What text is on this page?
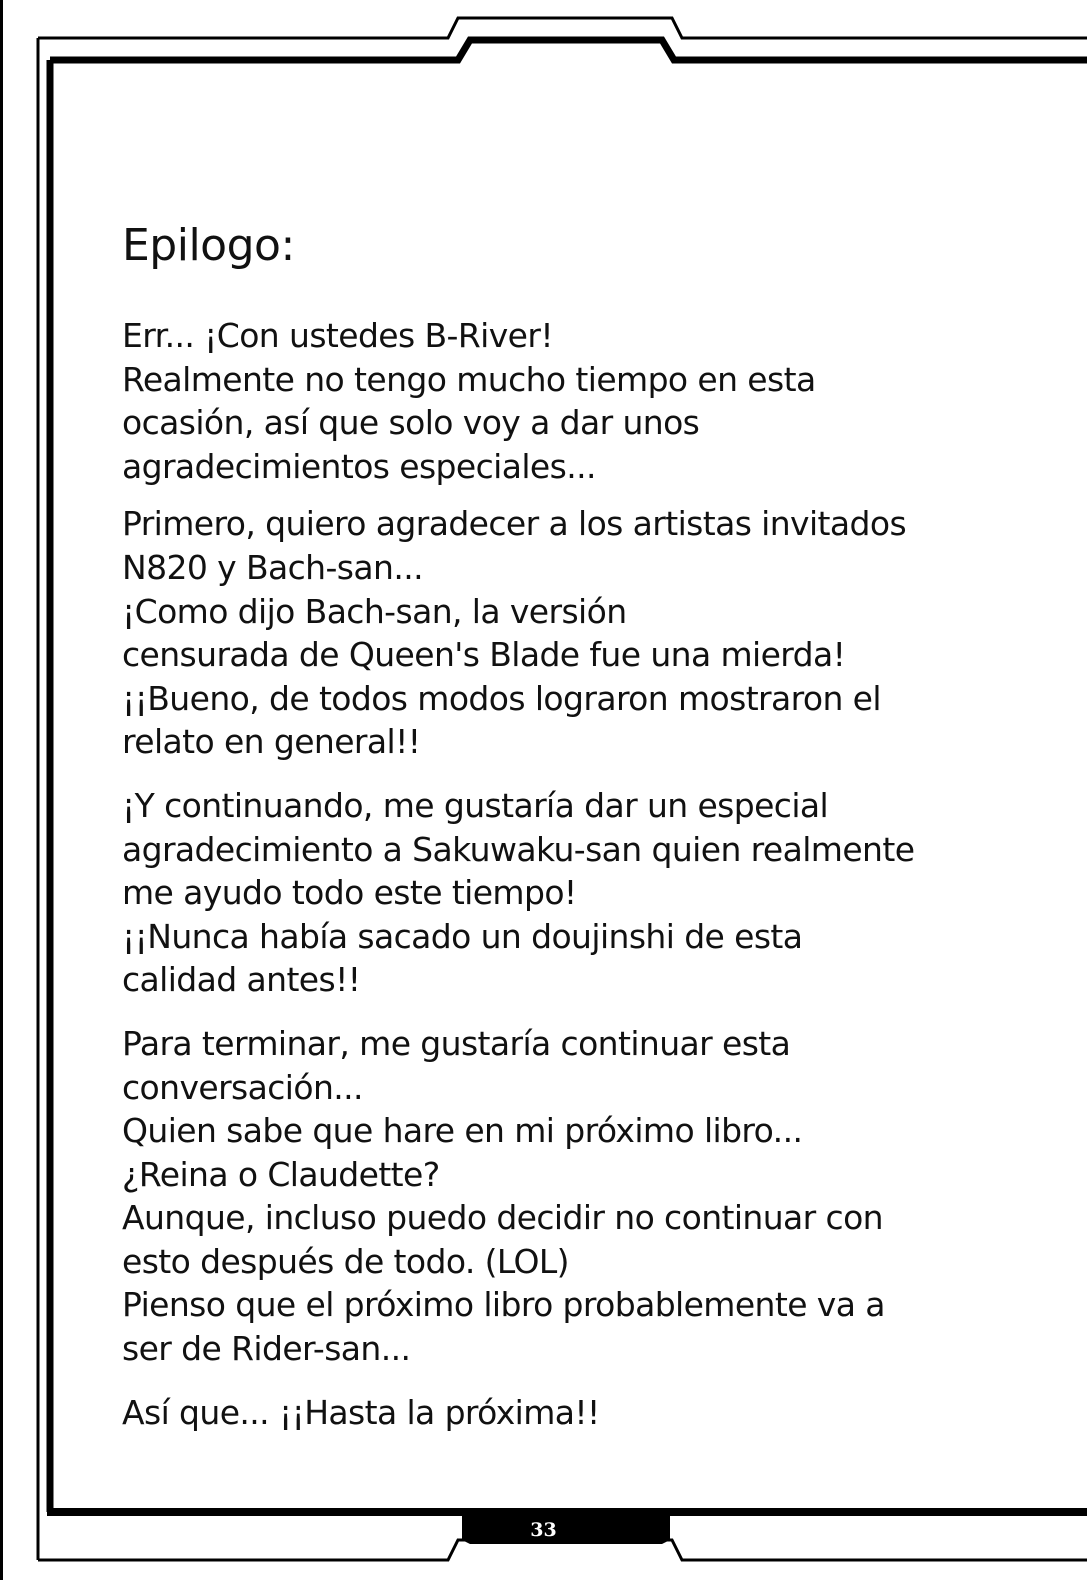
Epilogo:
Err... ¡Con ustedes B-River!
Realmente no tengo mucho tiempo en esta
ocasión, así que solo voy a dar unos
agradecimientos especiales...
Primero, quiero agradecer a los artistas invitados
N820 y Bach-san...
¡Como dijo Bach-san, la versión
censurada de Queen's Blade fue una mierda!
¡¡Bueno, de todos modos lograron mostraron el
relato en general!!
¡Y continuando, me gustaría dar un especial
agradecimiento a Sakuwaku-san quien realmente
me ayudo todo este tiempo!
¡¡Nunca había sacado un doujinshi de esta
calidad antes!!
Para terminar, me gustaría continuar esta
conversación...
Quien sabe que hare en mi próximo libro...
¿Reina o Claudette?
Aunque, incluso puedo decidir no continuar con
esto después de todo. (LOL)
Pienso que el próximo libro probablemente va a
ser de Rider-san...
Así que... ¡¡Hasta la próxima!!
33
